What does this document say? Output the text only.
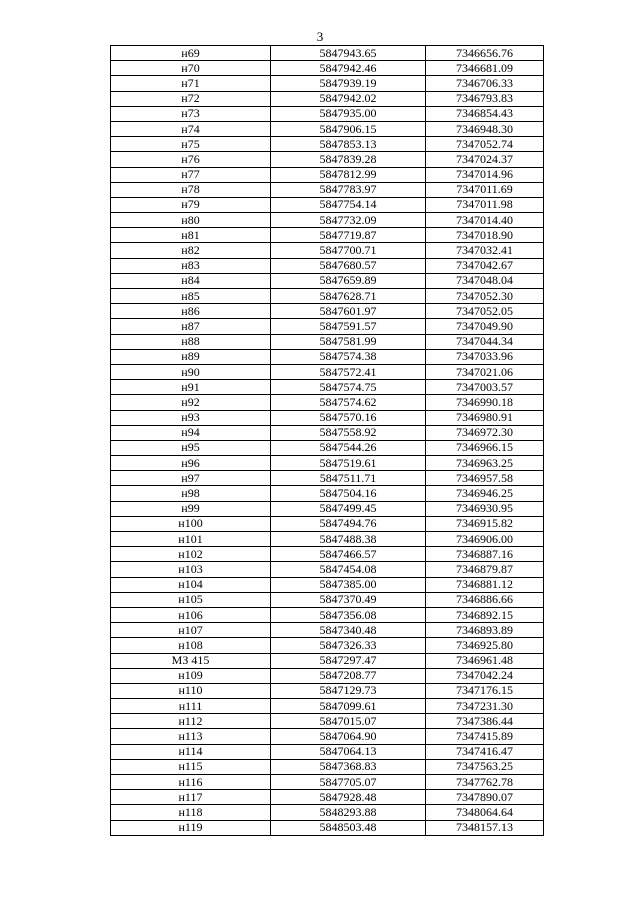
3
н69	5847943.65	7346656.76
н70	5847942.46	7346681.09
н71	5847939.19	7346706.33
н72	5847942.02	7346793.83
н73	5847935.00	7346854.43
н74	5847906.15	7346948.30
н75	5847853.13	7347052.74
н76	5847839.28	7347024.37
н77	5847812.99	7347014.96
н78	5847783.97	7347011.69
н79	5847754.14	7347011.98
н80	5847732.09	7347014.40
н81	5847719.87	7347018.90
н82	5847700.71	7347032.41
н83	5847680.57	7347042.67
н84	5847659.89	7347048.04
н85	5847628.71	7347052.30
н86	5847601.97	7347052.05
н87	5847591.57	7347049.90
н88	5847581.99	7347044.34
н89	5847574.38	7347033.96
н90	5847572.41	7347021.06
н91	5847574.75	7347003.57
н92	5847574.62	7346990.18
н93	5847570.16	7346980.91
н94	5847558.92	7346972.30
н95	5847544.26	7346966.15
н96	5847519.61	7346963.25
н97	5847511.71	7346957.58
н98	5847504.16	7346946.25
н99	5847499.45	7346930.95
н100	5847494.76	7346915.82
н101	5847488.38	7346906.00
н102	5847466.57	7346887.16
н103	5847454.08	7346879.87
н104	5847385.00	7346881.12
н105	5847370.49	7346886.66
н106	5847356.08	7346892.15
н107	5847340.48	7346893.89
н108	5847326.33	7346925.80
МЗ 415	5847297.47	7346961.48
н109	5847208.77	7347042.24
н110	5847129.73	7347176.15
н111	5847099.61	7347231.30
н112	5847015.07	7347386.44
н113	5847064.90	7347415.89
н114	5847064.13	7347416.47
н115	5847368.83	7347563.25
н116	5847705.07	7347762.78
н117	5847928.48	7347890.07
н118	5848293.88	7348064.64
н119	5848503.48	7348157.13
